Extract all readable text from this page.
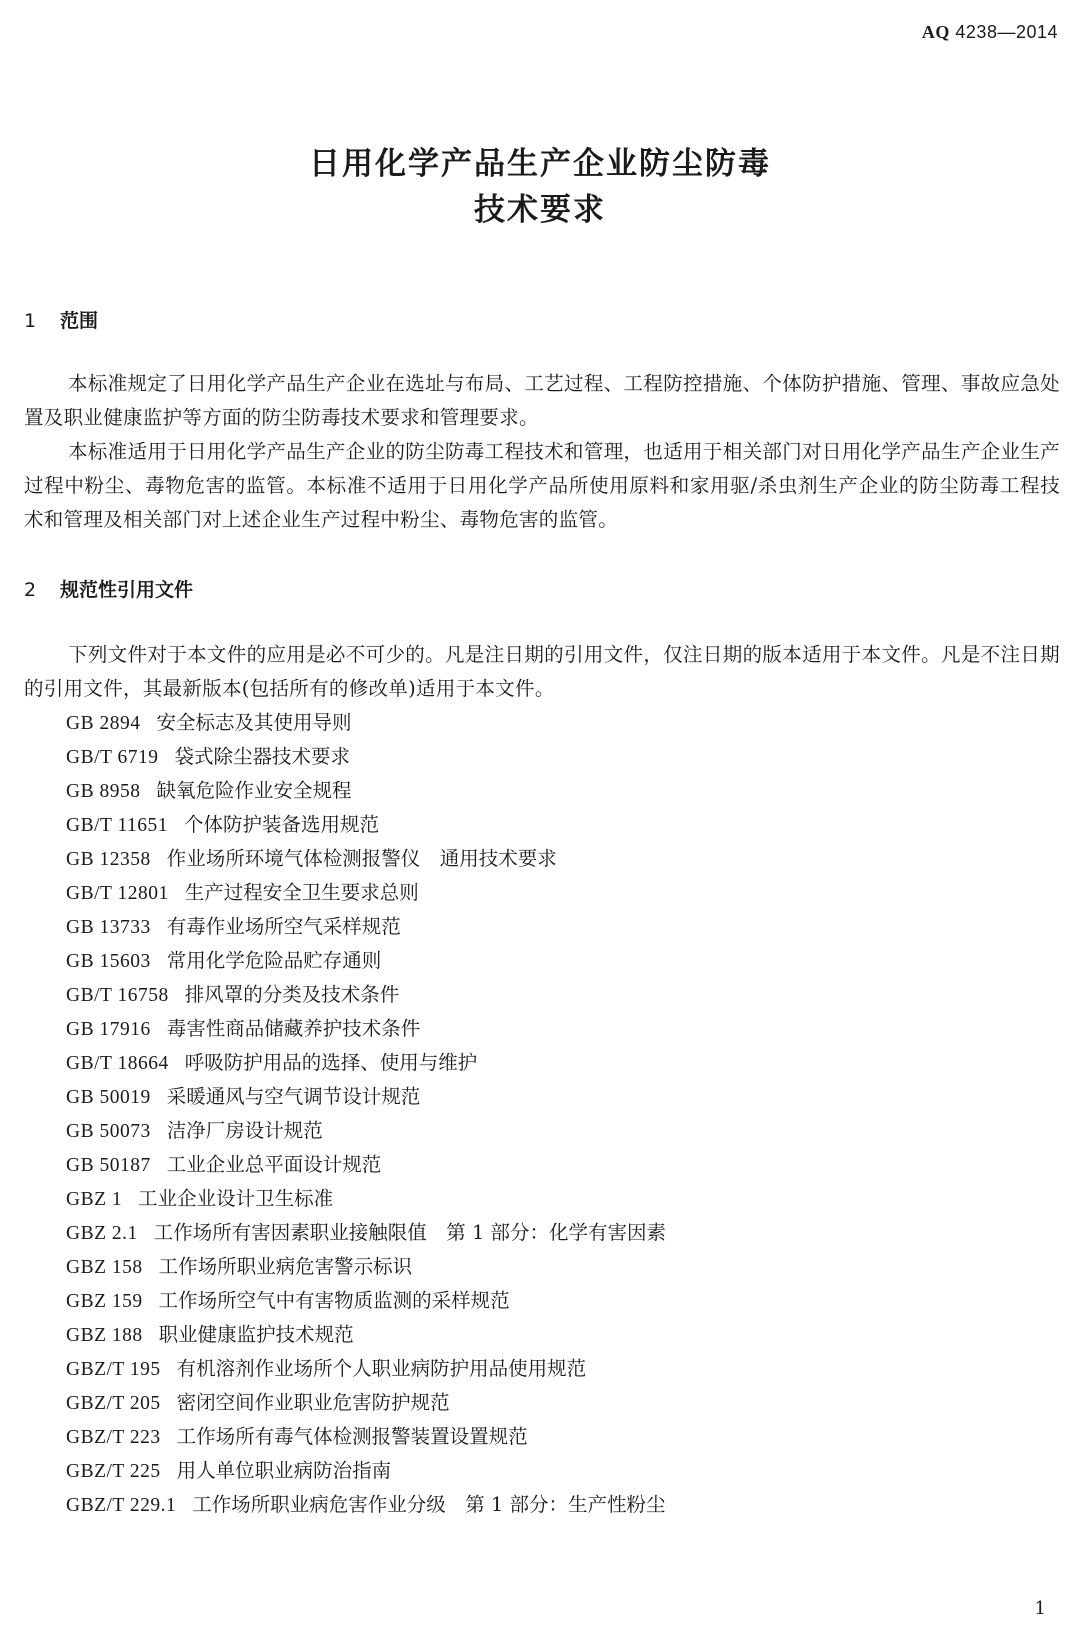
AQ 4238—2014
日用化学产品生产企业防尘防毒
技术要求
1 范围
本标准规定了日用化学产品生产企业在选址与布局、工艺过程、工程防控措施、个体防护措施、管理、事故应急处置及职业健康监护等方面的防尘防毒技术要求和管理要求。
本标准适用于日用化学产品生产企业的防尘防毒工程技术和管理，也适用于相关部门对日用化学产品生产企业生产过程中粉尘、毒物危害的监管。本标准不适用于日用化学产品所使用原料和家用驱/杀虫剂生产企业的防尘防毒工程技术和管理及相关部门对上述企业生产过程中粉尘、毒物危害的监管。
2 规范性引用文件
下列文件对于本文件的应用是必不可少的。凡是注日期的引用文件，仅注日期的版本适用于本文件。凡是不注日期的引用文件，其最新版本(包括所有的修改单)适用于本文件。
GB 2894 安全标志及其使用导则
GB/T 6719 袋式除尘器技术要求
GB 8958 缺氧危险作业安全规程
GB/T 11651 个体防护装备选用规范
GB 12358 作业场所环境气体检测报警仪　通用技术要求
GB/T 12801 生产过程安全卫生要求总则
GB 13733 有毒作业场所空气采样规范
GB 15603 常用化学危险品贮存通则
GB/T 16758 排风罩的分类及技术条件
GB 17916 毒害性商品储藏养护技术条件
GB/T 18664 呼吸防护用品的选择、使用与维护
GB 50019 采暖通风与空气调节设计规范
GB 50073 洁净厂房设计规范
GB 50187 工业企业总平面设计规范
GBZ 1 工业企业设计卫生标准
GBZ 2.1 工作场所有害因素职业接触限值　第 1 部分：化学有害因素
GBZ 158 工作场所职业病危害警示标识
GBZ 159 工作场所空气中有害物质监测的采样规范
GBZ 188 职业健康监护技术规范
GBZ/T 195 有机溶剂作业场所个人职业病防护用品使用规范
GBZ/T 205 密闭空间作业职业危害防护规范
GBZ/T 223 工作场所有毒气体检测报警装置设置规范
GBZ/T 225 用人单位职业病防治指南
GBZ/T 229.1 工作场所职业病危害作业分级　第 1 部分：生产性粉尘
1
